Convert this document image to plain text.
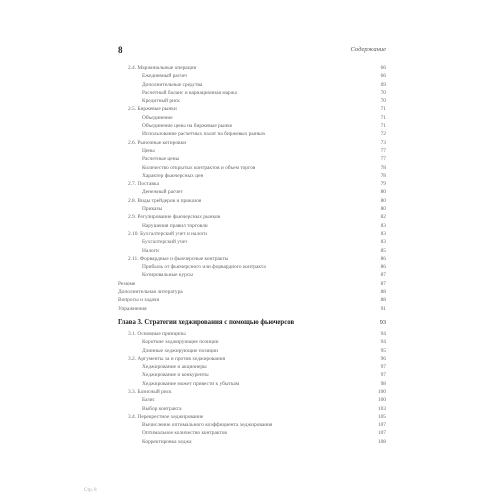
8	Содержание
2.4. Маржинальные операции	66
Ежедневный расчет	66
Дополнительные средства	69
Расчетный баланс и вариационная маржа	70
Кредитный риск	70
2.5. Биржевые рынки	71
Объединение	71
Объединение цены на биржевые рынке	71
Использование расчетных палат на биржевых рынках	72
2.6. Рыночные котировки	73
Цены	77
Расчетные цены	77
Количество открытых контрактов и объем торгов	78
Характер фьючерсных цен	78
2.7. Поставка	79
Денежный расчет	80
2.8. Виды трейдеров и приказов	80
Приказы	80
2.9. Регулирование фьючерсных рынков	82
Нарушения правил торговли	83
2.10. Бухгалтерский учет и налоги	83
Бухгалтерский учет	83
Налоги	85
2.11. Форвардные и фьючерсные контракты	86
Прибыль от фьючерсного или форвардного контракта	86
Котировальные курсы	87
Резюме	87
Дополнительная литература	88
Вопросы и задачи	88
Упражнения	91
Глава 3. Стратегии хеджирования с помощью фьючерсов	93
3.1. Основные принципы	94
Короткие хеджирующие позиции	94
Длинные хеджирующие позиции	95
3.2. Аргументы за и против хеджирования	96
Хеджирование и акционеры	97
Хеджирование и конкуренты	97
Хеджирование может привести к убыткам	98
3.3. Базисный риск	100
Базис	100
Выбор контракта	103
3.4. Перекрестное хеджирование	105
Вычисление оптимального коэффициента хеджирования	107
Оптимальное количество контрактов	107
Корректировка хеджа	108
Стр. 8
